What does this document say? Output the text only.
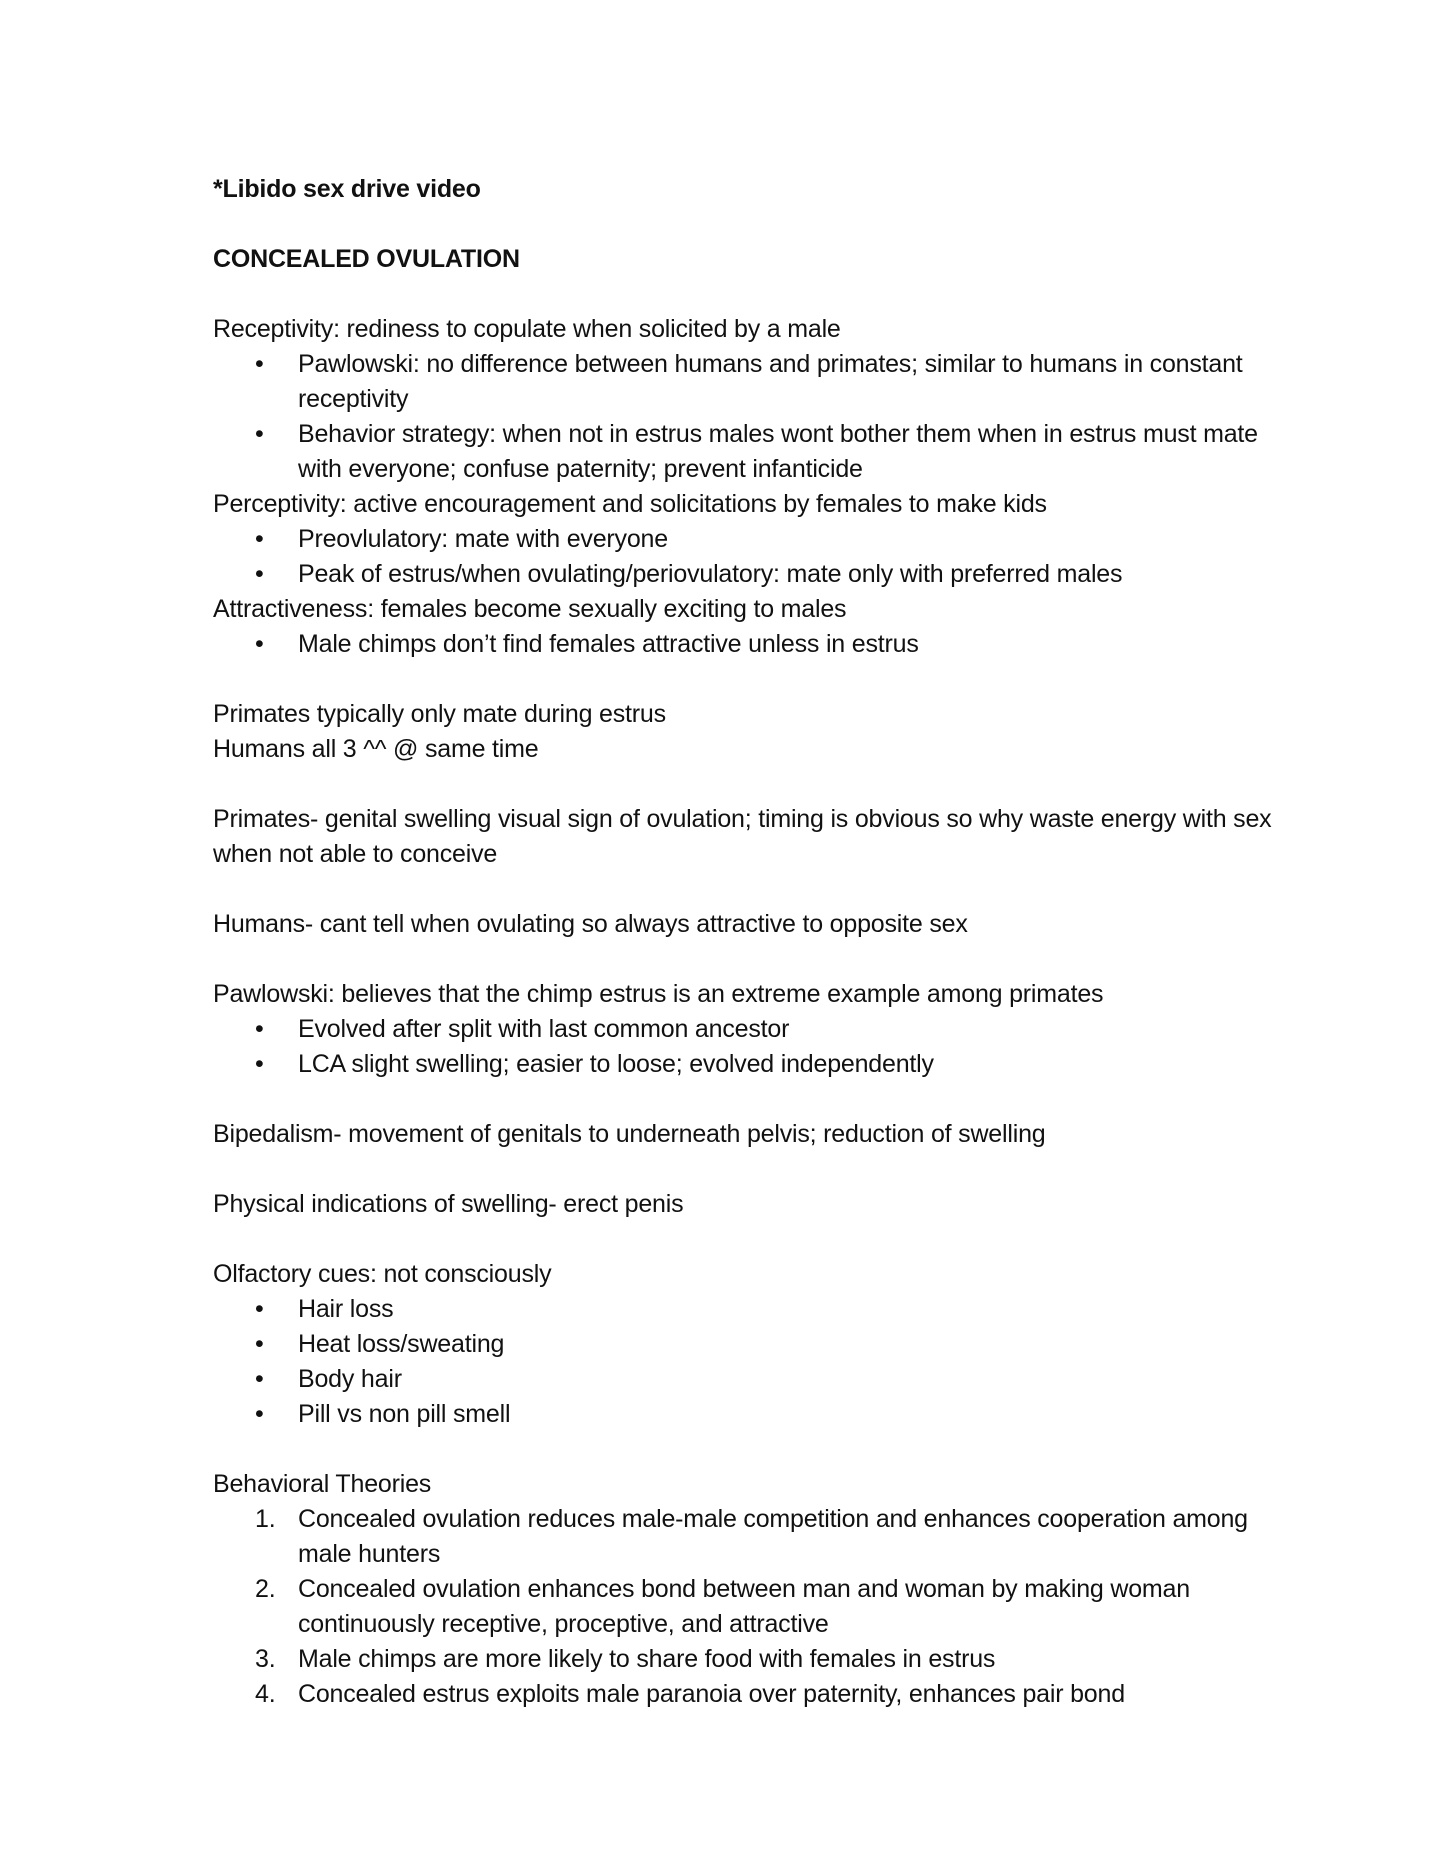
*Libido sex drive video

CONCEALED OVULATION

Receptivity: rediness to copulate when solicited by a male

• Pawlowski: no difference between humans and primates; similar to humans in constant receptivity
• Behavior strategy: when not in estrus males wont bother them when in estrus must mate with everyone; confuse paternity; prevent infanticide

Perceptivity: active encouragement and solicitations by females to make kids

• Preovlulatory: mate with everyone
• Peak of estrus/when ovulating/periovulatory: mate only with preferred males

Attractiveness: females become sexually exciting to males

• Male chimps don’t find females attractive unless in estrus

Primates typically only mate during estrus

Humans all 3 ^^ @ same time

Primates- genital swelling visual sign of ovulation; timing is obvious so why waste energy with sex when not able to conceive

Humans- cant tell when ovulating so always attractive to opposite sex

Pawlowski: believes that the chimp estrus is an extreme example among primates

• Evolved after split with last common ancestor
• LCA slight swelling; easier to loose; evolved independently

Bipedalism- movement of genitals to underneath pelvis; reduction of swelling

Physical indications of swelling- erect penis

Olfactory cues: not consciously

• Hair loss
• Heat loss/sweating
• Body hair
• Pill vs non pill smell

Behavioral Theories

1. Concealed ovulation reduces male-male competition and enhances cooperation among male hunters
2. Concealed ovulation enhances bond between man and woman by making woman continuously receptive, proceptive, and attractive
3. Male chimps are more likely to share food with females in estrus
4. Concealed estrus exploits male paranoia over paternity, enhances pair bond
